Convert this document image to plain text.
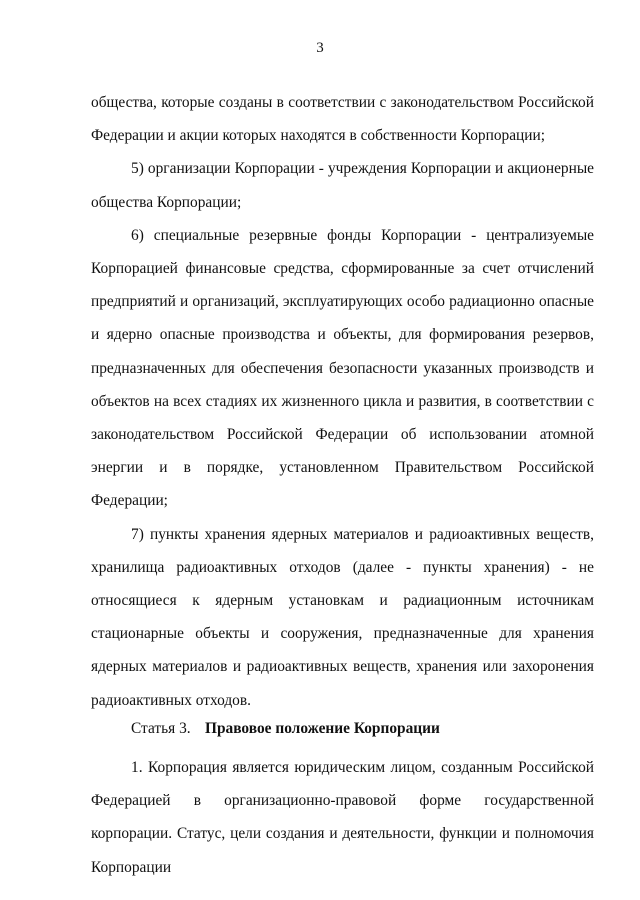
3

общества, которые созданы в соответствии с законодательством Российской Федерации и акции которых находятся в собственности Корпорации;

5) организации Корпорации - учреждения Корпорации и акционерные общества Корпорации;

6) специальные резервные фонды Корпорации - централизуемые Корпорацией финансовые средства, сформированные за счет отчислений предприятий и организаций, эксплуатирующих особо радиационно опасные и ядерно опасные производства и объекты, для формирования резервов, предназначенных для обеспечения безопасности указанных производств и объектов на всех стадиях их жизненного цикла и развития, в соответствии с законодательством Российской Федерации об использовании атомной энергии и в порядке, установленном Правительством Российской Федерации;

7) пункты хранения ядерных материалов и радиоактивных веществ, хранилища радиоактивных отходов (далее - пункты хранения) - не относящиеся к ядерным установкам и радиационным источникам стационарные объекты и сооружения, предназначенные для хранения ядерных материалов и радиоактивных веществ, хранения или захоронения радиоактивных отходов.

Статья 3. Правовое положение Корпорации

1. Корпорация является юридическим лицом, созданным Российской Федерацией в организационно-правовой форме государственной корпорации. Статус, цели создания и деятельности, функции и полномочия Корпорации
